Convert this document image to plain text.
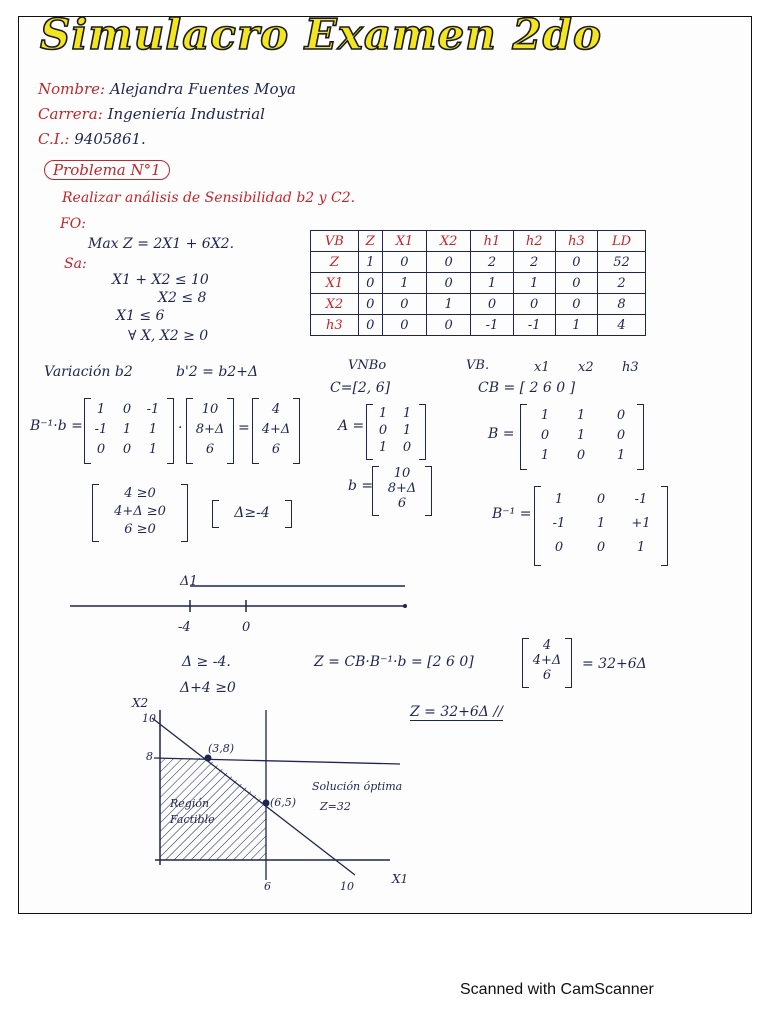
Simulacro Examen 2do
Nombre: Alejandra Fuentes Moya
Carrera: Ingeniería Industrial
C.I.: 9405861.
Problema N°1
Realizar análisis de Sensibilidad b2 y C2.
FO:
Max Z = 2X1 + 6X2.
Sa:
X1 + X2 ≤ 10
X2 ≤ 8
X1 ≤ 6
∀ X, X2 ≥ 0
VB	Z	X1	X2	h1	h2	h3	LD
Z	1	0	0	2	2	0	52
X1	0	1	0	1	1	0	2
X2	0	0	1	0	0	0	8
h3	0	0	0	-1	-1	1	4
Variación b2	b'2 = b2+Δ
B⁻¹·b =
1	0	-1
-1	1	1
0	0	1
·
10
8+Δ
6
=
4
4+Δ
6
4 ≥0
4+Δ ≥0
6 ≥0
Δ≥-4
Δ1
-4	0
Δ ≥ -4.
Δ+4 ≥0
VNBo
C=[2, 6]
A =
1	1
0	1
1	0
b =
10
8+Δ
6
VB.	x1 x2 h3
CB = [ 2 6 0 ]
B =
1	1	0
0	1	0
1	0	1
B⁻¹ =
1	0	-1
-1	1	+1
0	0	1
Z = CB·B⁻¹·b = [2 6 0]
4
4+Δ
6
= 32+6Δ
Z = 32+6Δ //
X2
X1
10
8
6	10
(3,8)
(6,5)
Región Factible
Solución óptima
Z=32
Scanned with CamScanner
